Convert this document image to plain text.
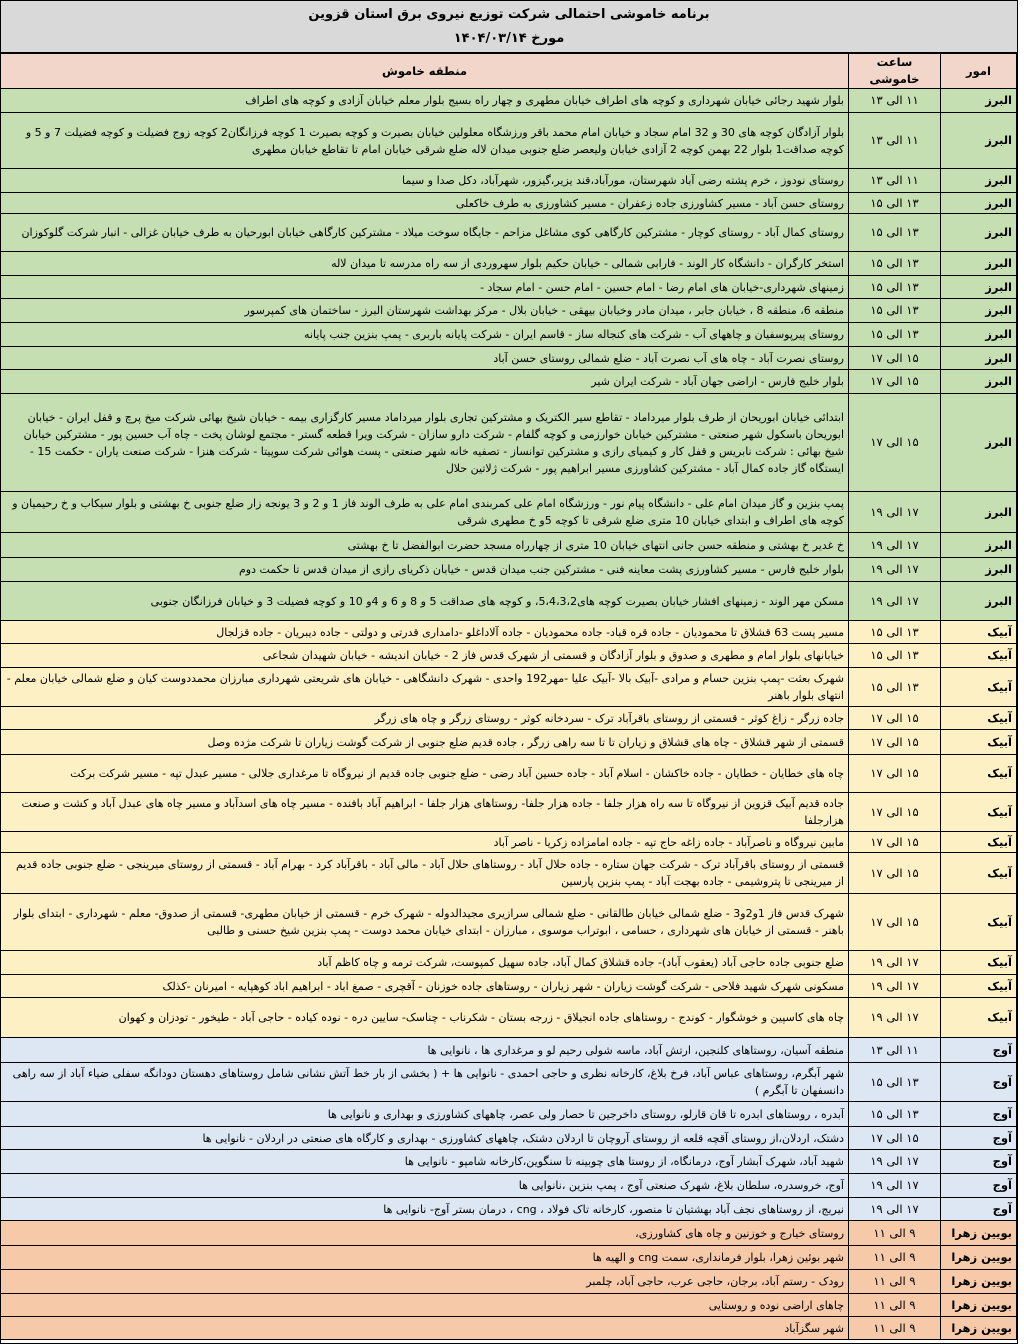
برنامه خاموشی احتمالی شرکت توزیع نیروی برق استان قزوین
مورخ ۱۴۰۴/۰۳/۱۴
امور	ساعت خاموشی	منطقه خاموش
البرز	۱۱ الی ۱۳	بلوار شهید رجائی خیابان شهرداری و کوچه های اطراف خیابان مطهری و چهار راه بسیج بلوار معلم خیابان آزادی و کوچه های اطراف
البرز	۱۱ الی ۱۳	بلوار آزادگان کوچه های 30 و 32 امام سجاد و خیابان امام محمد باقر ورزشگاه معلولین خیابان بصیرت و کوچه بصیرت 1 کوچه فرزانگان2 کوچه زوج فضیلت و کوچه فضیلت 7 و 5 و کوچه صداقت1 بلوار 22 بهمن کوچه 2 آزادی خیابان ولیعصر ضلع جنوبی میدان لاله ضلع شرقی خیابان امام تا تقاطع خیابان مطهری
البرز	۱۱ الی ۱۳	روستای نودوز ، خرم پشته رضی آباد شهرستان، مورآباد،قند یزیر،گیزور، شهرآباد، دکل صدا و سیما
البرز	۱۳ الی ۱۵	روستای حسن آباد - مسیر کشاورزی جاده زعفران - مسیر کشاورزی به طرف خاکعلی
البرز	۱۳ الی ۱۵	روستای کمال آباد - روستای کوچار - مشترکین کارگاهی کوی مشاغل مزاحم - جایگاه سوخت میلاد - مشترکین کارگاهی خیابان ابورحیان به طرف خیابان غزالی - انبار شرکت گلوکوزان
البرز	۱۳ الی ۱۵	استخر کارگران - دانشگاه کار الوند - فارابی شمالی - خیابان حکیم بلوار سهروردی از سه راه مدرسه تا میدان لاله
البرز	۱۳ الی ۱۵	زمینهای شهرداری-خیابان های امام رضا - امام حسین - امام حسن - امام سجاد -
البرز	۱۳ الی ۱۵	منطقه 6، منطقه 8 ، خیابان جابر ، میدان مادر وخیابان بیهقی - خیابان بلال - مرکز بهداشت شهرستان البرز - ساختمان های کمپرسور
البرز	۱۳ الی ۱۵	روستای پیرپوسفیان و چاههای آب - شرکت های کنجاله ساز - قاسم ایران - شرکت پایانه باربری - پمپ بنزین جنب پایانه
البرز	۱۵ الی ۱۷	روستای نصرت آباد - چاه های آب نصرت آباد - ضلع شمالی روستای حسن آباد
البرز	۱۵ الی ۱۷	بلوار خلیج فارس - اراضی جهان آباد - شرکت ایران شیر
البرز	۱۵ الی ۱۷	ابتدائی خیابان ابوریحان از طرف بلوار میرداماد - تقاطع سیر الکتریک و مشترکین تجاری بلوار میرداماد مسیر کارگزاری بیمه - خیابان شیخ بهائی شرکت میخ پرچ و قفل ایران - خیابان ابوریحان باسکول شهر صنعتی - مشترکین خیابان خوارزمی و کوچه گلفام - شرکت دارو سازان - شرکت ویرا قطعه گستر - مجتمع لوشان پخت - چاه آب حسین پور - مشترکین خیابان شیخ بهائی : شرکت نابریس و قفل کار و کیمیای رازی و مشترکین توانساز - تصفیه خانه شهر صنعتی - پست هوائی شرکت سوپیتا - شرکت هنزا - شرکت صنعت یاران - حکمت 15 - ایستگاه گاز جاده کمال آباد - مشترکین کشاورزی مسیر ابراهیم پور - شرکت ژلاتین حلال
البرز	۱۷ الی ۱۹	پمپ بنزین و گاز میدان امام علی - دانشگاه پیام نور - ورزشگاه امام علی کمربندی امام علی به طرف الوند فاز 1 و 2 و 3 یونجه زار ضلع جنوبی خ بهشتی و بلوار سیکاب و خ رحیمیان و کوچه های اطراف و ابتدای خیابان 10 متری ضلع شرقی تا کوچه 5و خ مطهری شرقی
البرز	۱۷ الی ۱۹	خ غدیر خ بهشتی و منطقه حسن جانی انتهای خیابان 10 متری از چهارراه مسجد حضرت ابوالفضل تا خ بهشتی
البرز	۱۷ الی ۱۹	بلوار خلیج فارس - مسیر کشاورزی پشت معاینه فنی - مشترکین جنب میدان قدس - خیابان ذکریای رازی از میدان قدس تا حکمت دوم
البرز	۱۷ الی ۱۹	مسکن مهر الوند - زمینهای افشار خیابان بصیرت کوچه های5،4،3،2، و کوچه های صداقت 5 و 8 و 6 و 4و 10 و کوچه فضیلت 3 و خیابان فرزانگان جنوبی
آبیک	۱۳ الی ۱۵	مسیر پست 63 قشلاق تا محمودیان - جاده قره قباد- جاده محمودیان - جاده آلاداغلو -دامداری قدرتی و دولتی - جاده دیبریان - جاده قزلجال
آبیک	۱۳ الی ۱۵	خیابانهای بلوار امام و مطهری و صدوق و بلوار آزادگان و قسمتی از شهرک قدس فاز 2 - خیابان اندیشه - خیابان شهیدان شجاعی
آبیک	۱۳ الی ۱۵	شهرک بعثت -پمپ بنزین حسام و مرادی -آبیک بالا -آبیک علیا -مهر192 واحدی - شهرک دانشگاهی - خیابان های شریعتی شهرداری مبارزان محمددوست کیان و ضلع شمالی خیابان معلم - انتهای بلوار باهنر
آبیک	۱۵ الی ۱۷	جاده زرگر - زاغ کوثر - قسمتی از روستای باقرآباد ترک - سردخانه کوثر - روستای زرگر و چاه های زرگر
آبیک	۱۵ الی ۱۷	قسمتی از شهر قشلاق - چاه های قشلاق و زیاران تا تا سه راهی زرگر ، جاده قدیم ضلع جنوبی از شرکت گوشت زیاران تا شرکت مژده وصل
آبیک	۱۵ الی ۱۷	چاه های خطایان - خطایان - جاده خاکشان - اسلام آباد - جاده حسین آباد رضی - ضلع جنوبی جاده قدیم از نیروگاه تا مرغداری جلالی - مسیر عبدل تپه - مسیر شرکت برکت
آبیک	۱۵ الی ۱۷	جاده قدیم آبیک قزوین از نیروگاه تا سه راه هزار جلفا - جاده هزار جلفا- روستاهای هزار جلفا - ابراهیم آباد بافنده - مسیر چاه های اسدآباد و مسیر چاه های عبدل آباد و کشت و صنعت هزارجلفا
آبیک	۱۵ الی ۱۷	مابین نیروگاه و ناصرآباد - جاده زاغه حاج تپه - جاده امامزاده زکریا - ناصر آباد
آبیک	۱۵ الی ۱۷	قسمتی از روستای باقرآباد ترک - شرکت جهان ستاره - جاده حلال آباد - روستاهای حلال آباد - مالی آباد - باقرآباد کرد - بهرام آباد - قسمتی از روستای میرینجی - ضلع جنوبی جاده قدیم از میرینجی تا پتروشیمی - جاده بهجت آباد - پمپ بنزین پارسین
آبیک	۱۵ الی ۱۷	شهرک قدس فاز 1و2و3 - ضلع شمالی خیابان طالقانی - ضلع شمالی سرازیری مجیدالدوله - شهرک خرم - قسمتی از خیابان مطهری- قسمتی از صدوق- معلم - شهرداری - ابتدای بلوار باهنر - قسمتی از خیابان های شهرداری ، حسامی ، ابوتراب موسوی ، مبارزان - ابتدای خیابان محمد دوست - پمپ بنزین شیخ حسنی و طالبی
آبیک	۱۷ الی ۱۹	ضلع جنوبی جاده حاجی آباد (یعقوب آباد)- جاده قشلاق کمال آباد، جاده سهیل کمپوست، شرکت ترمه و چاه کاظم آباد
آبیک	۱۷ الی ۱۹	مسکونی شهرک شهید فلاحی - شرکت گوشت زیاران - شهر زیاران - روستاهای جاده خوزنان - آقچری - صمغ اباد - ابراهیم اباد کوهپایه - امیرنان -کذلک
آبیک	۱۷ الی ۱۹	چاه های کاسپین و خوشگوار - کوندج - روستاهای جاده انجیلاق - زرجه بستان - شکرناب - چناسک- سایین دره - نوده کیاده - حاجی آباد - طیخور - تودزان و کهوان
آوج	۱۱ الی ۱۳	منطقه آسیان، روستاهای کلنجین، ارتش آباد، ماسه شولی رحیم لو و مرغداری ها ، نانوایی ها
آوج	۱۳ الی ۱۵	شهر آبگرم، روستاهای عباس آباد، فرخ بلاغ، کارخانه نظری و حاجی احمدی - نانوایی ها + ( بخشی از بار خط آتش نشانی شامل روستاهای دهستان دودانگه سفلی ضیاء آباد از سه راهی دانسفهان تا آبگرم )
آوج	۱۳ الی ۱۵	آبدره ، روستاهای ابدره تا قان قارلو، روستای داخرجین تا حصار ولی عصر، چاههای کشاورزی و بهداری و نانوایی ها
آوج	۱۵ الی ۱۷	دشتک، اردلان،از روستای آقچه قلعه از روستای آروچان تا اردلان دشتک، چاههای کشاورزی - بهداری و کارگاه های صنعتی در اردلان - نانوایی ها
آوج	۱۷ الی ۱۹	شهید آباد، شهرک آبشار آوج، درمانگاه، از روستا های چوبینه تا سنگوین،کارخانه شامپو - نانوایی ها
آوج	۱۷ الی ۱۹	آوج، خروسدره، سلطان بلاغ، شهرک صنعتی آوج ، پمپ بنزین ،نانوایی ها
آوج	۱۷ الی ۱۹	نیریج، از روستاهای نجف آباد بهشتیان تا منصور، کارخانه تاک فولاد ، cng ، درمان بستر آوج- نانوایی ها
بویین زهرا	۹ الی ۱۱	روستای خیارج و خوزنین و چاه های کشاورزی،
بویین زهرا	۹ الی ۱۱	شهر بوئین زهرا، بلوار فرمانداری، سمت cng و الهیه ها
بویین زهرا	۹ الی ۱۱	رودک - رستم آباد، برجان، حاجی عرب، حاجی آباد، چلمبر
بویین زهرا	۹ الی ۱۱	چاهای اراضی نوده و روستایی
بویین زهرا	۹ الی ۱۱	شهر سگزآباد
